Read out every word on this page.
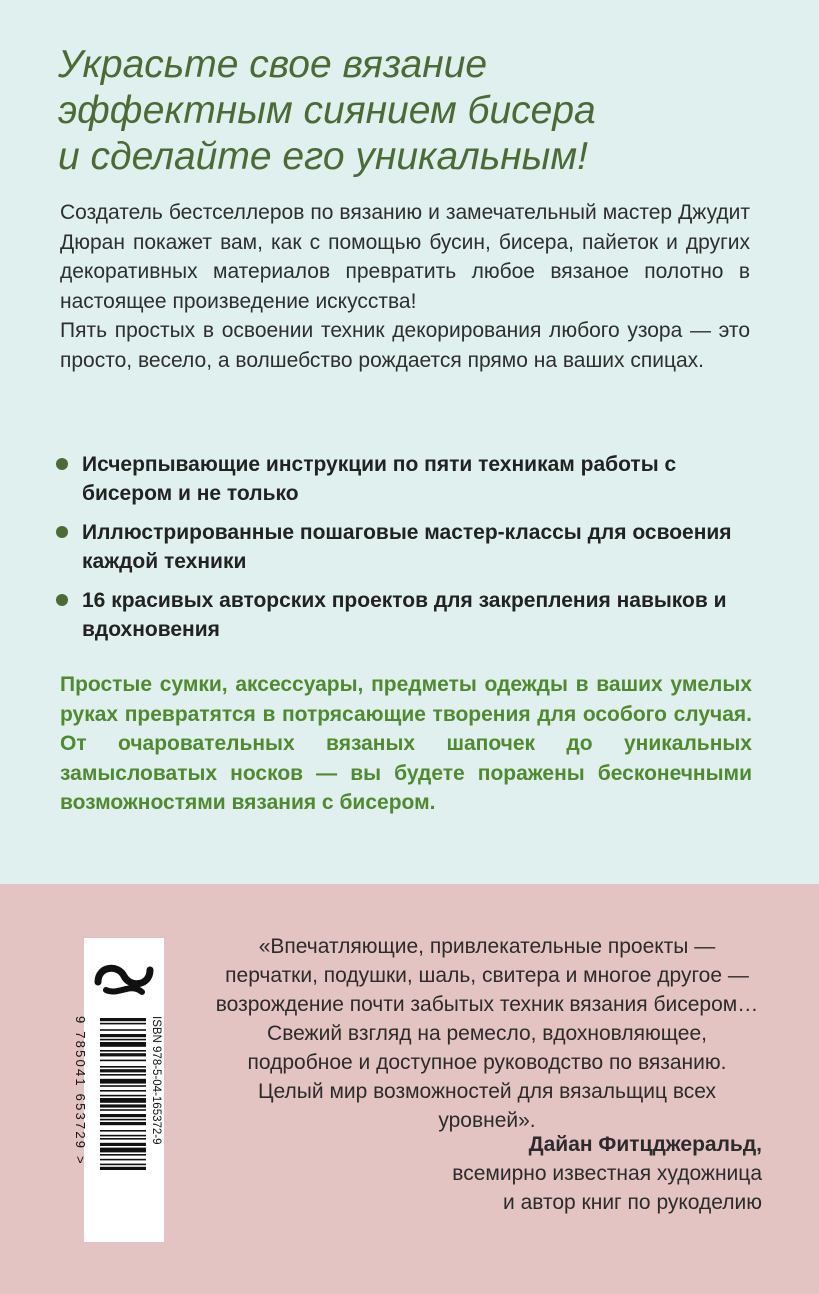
Украсьте свое вязание
эффектным сиянием бисера
и сделайте его уникальным!

Создатель бестселлеров по вязанию и замечательный мастер Джудит Дюран покажет вам, как с помощью бусин, бисера, пайеток и других декоративных материалов превратить любое вязаное полотно в настоящее произведение искусства!

Пять простых в освоении техник декорирования любого узора — это просто, весело, а волшебство рождается прямо на ваших спицах.

Исчерпывающие инструкции по пяти техникам работы с бисером и не только
Иллюстрированные пошаговые мастер-классы для освоения каждой техники
16 красивых авторских проектов для закрепления навыков и вдохновения
Простые сумки, аксессуары, предметы одежды в ваших умелых руках превратятся в потрясающие творения для особого случая. От очаровательных вязаных шапочек до уникальных замысловатых носков — вы будете поражены бесконечными возможностями вязания с бисером.
ISBN 978-5-04-165372-9
9 785041 653729 >
«Впечатляющие, привлекательные проекты — перчатки, подушки, шаль, свитера и многое другое — возрождение почти забытых техник вязания бисером… Свежий взгляд на ремесло, вдохновляющее, подробное и доступное руководство по вязанию. Целый мир возможностей для вязальщиц всех уровней».
Дайан Фитцджеральд,
всемирно известная художница
и автор книг по рукоделию
